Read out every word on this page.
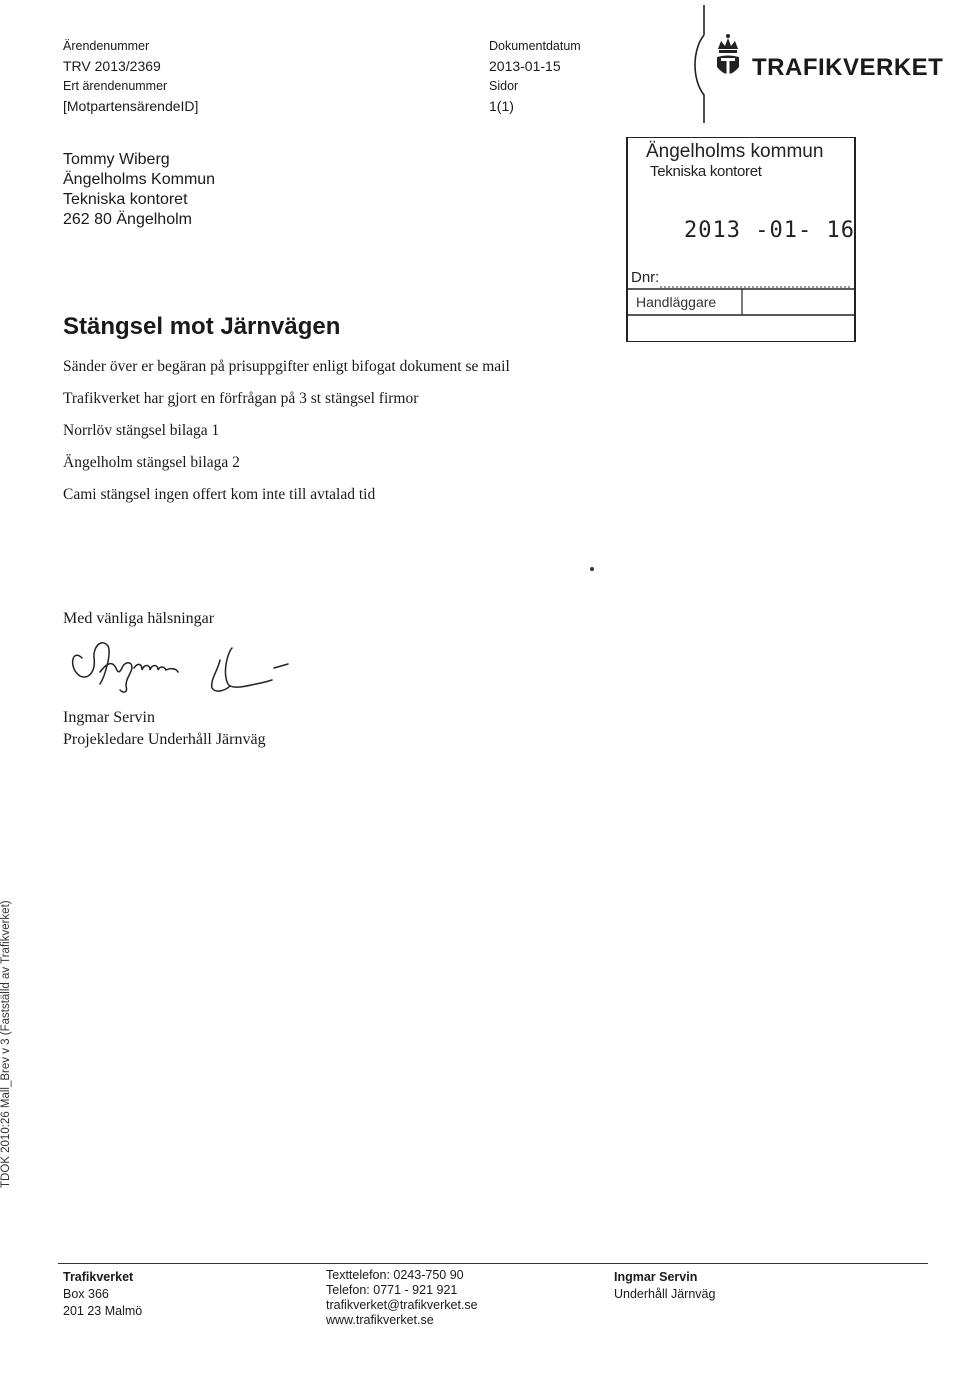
Ärendenummer
TRV 2013/2369
Ert ärendenummer
[MotpartensärendeID]
Dokumentdatum
2013-01-15
Sidor
1(1)
TRAFIKVERKET
Tommy Wiberg
Ängelholms Kommun
Tekniska kontoret
262 80 Ängelholm
Ängelholms kommun
Tekniska kontoret
2013 -01- 16
Dnr:
Handläggare
Stängsel mot Järnvägen
Sänder över er begäran på prisuppgifter enligt bifogat dokument se mail
Trafikverket har gjort en förfrågan på 3 st stängsel firmor
Norrlöv stängsel bilaga 1
Ängelholm stängsel bilaga 2
Cami stängsel ingen offert kom inte till avtalad tid
Med vänliga hälsningar
Ingmar Servin
Projekledare Underhåll Järnväg
TDOK 2010:26 Mall_Brev v 3 (Fastställd av Trafikverket)
Trafikverket
Box 366
201 23 Malmö
Texttelefon: 0243-750 90
Telefon: 0771 - 921 921
trafikverket@trafikverket.se
www.trafikverket.se
Ingmar Servin
Underhåll Järnväg
